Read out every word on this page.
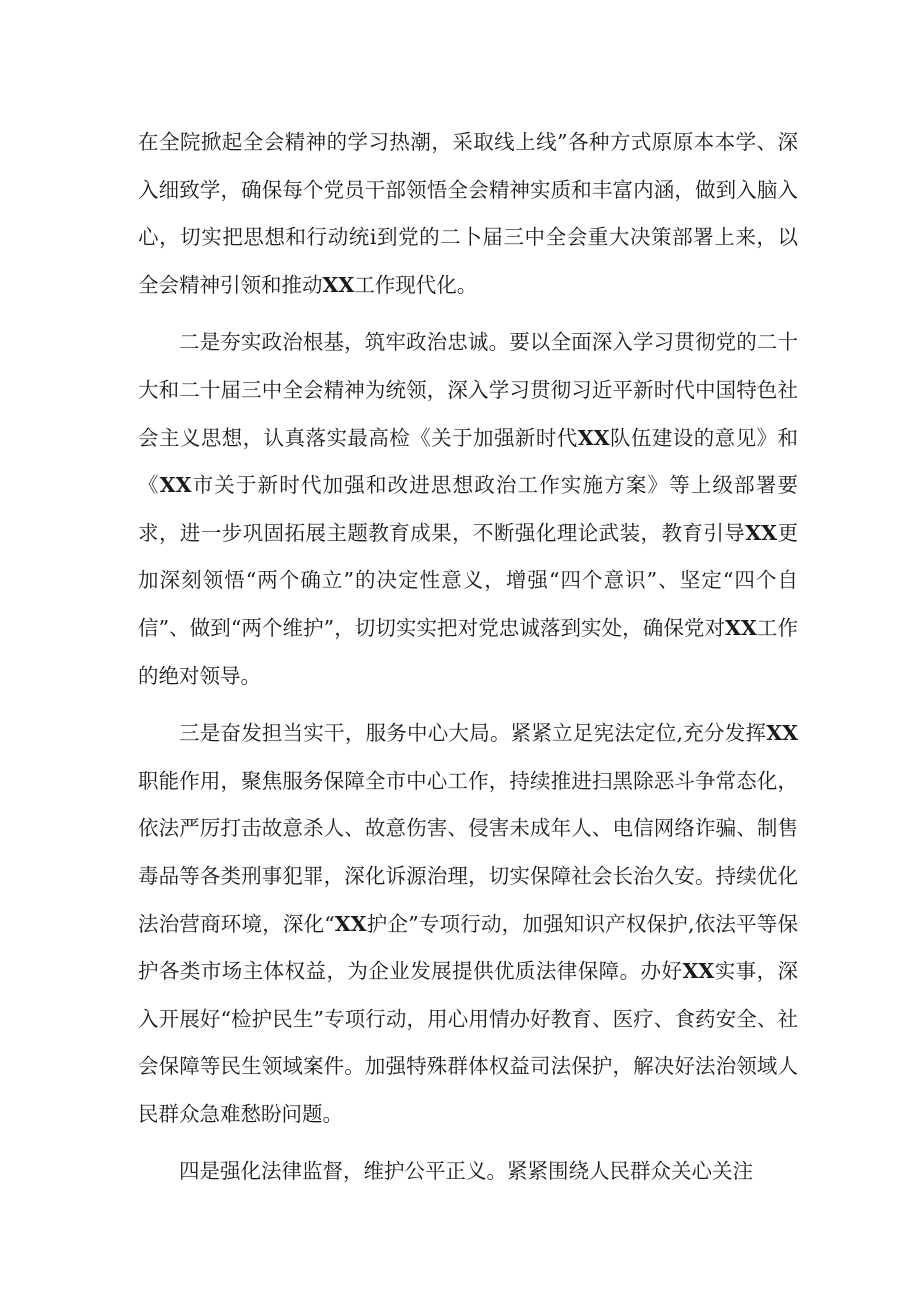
在全院掀起全会精神的学习热潮，采取线上线”各种方式原原本本学、深入细致学，确保每个党员干部领悟全会精神实质和丰富内涵，做到入脑入心，切实把思想和行动统i到党的二卜届三中全会重大决策部署上来，以全会精神引领和推动XX工作现代化。

二是夯实政治根基，筑牢政治忠诚。要以全面深入学习贯彻党的二十大和二十届三中全会精神为统领，深入学习贯彻习近平新时代中国特色社会主义思想，认真落实最高检《关于加强新时代XX队伍建设的意见》和《XX市关于新时代加强和改进思想政治工作实施方案》等上级部署要求，进一步巩固拓展主题教育成果，不断强化理论武装，教育引导XX更加深刻领悟“两个确立”的决定性意义，增强“四个意识”、坚定“四个自信”、做到“两个维护”，切切实实把对党忠诚落到实处，确保党对XX工作的绝对领导。

三是奋发担当实干，服务中心大局。紧紧立足宪法定位,充分发挥XX职能作用，聚焦服务保障全市中心工作，持续推进扫黑除恶斗争常态化，依法严厉打击故意杀人、故意伤害、侵害未成年人、电信网络诈骗、制售毒品等各类刑事犯罪，深化诉源治理，切实保障社会长治久安。持续优化法治营商环境，深化“XX护企”专项行动，加强知识产权保护,依法平等保护各类市场主体权益，为企业发展提供优质法律保障。办好XX实事，深入开展好“检护民生”专项行动，用心用情办好教育、医疗、食药安全、社会保障等民生领域案件。加强特殊群体权益司法保护，解决好法治领域人民群众急难愁盼问题。

四是强化法律监督，维护公平正义。紧紧围绕人民群众关心关注
